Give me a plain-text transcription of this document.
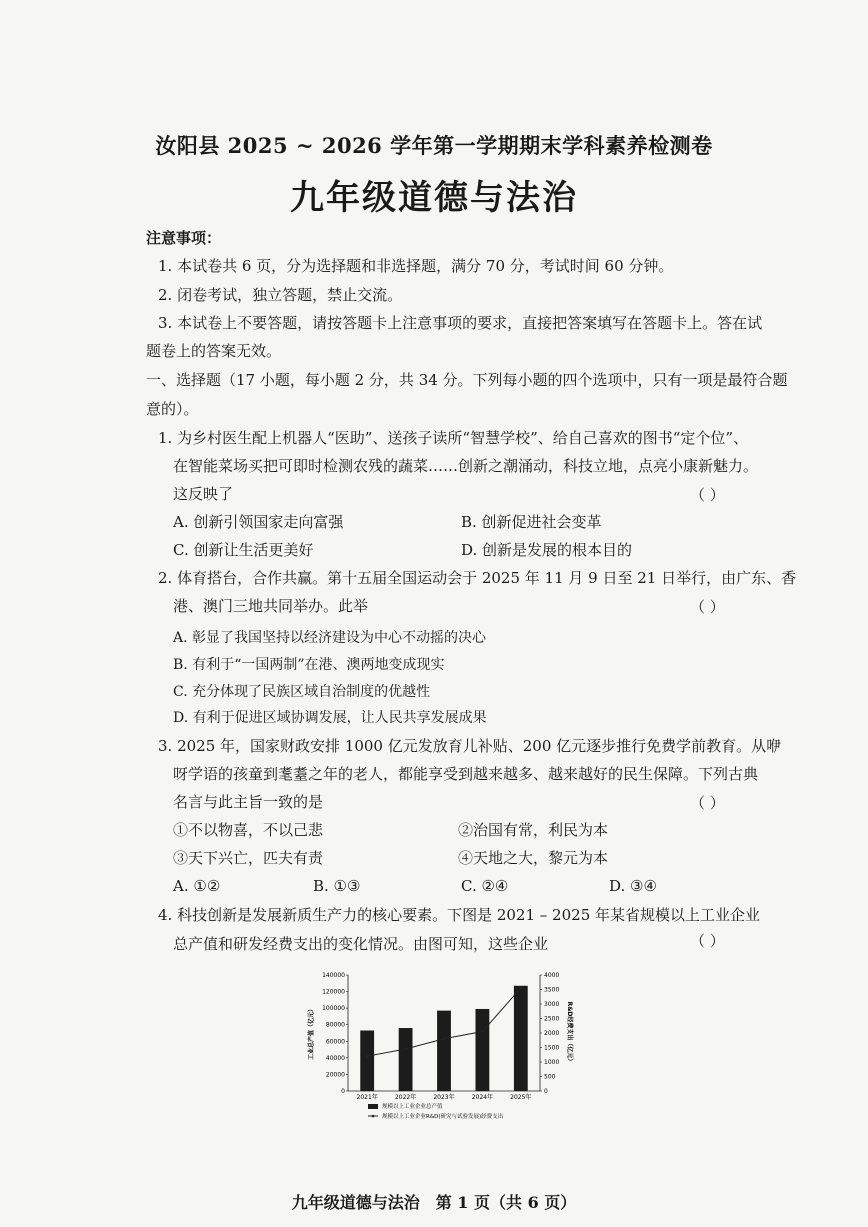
汝阳县 2025 ~ 2026 学年第一学期期末学科素养检测卷
九年级道德与法治
注意事项：
1. 本试卷共 6 页，分为选择题和非选择题，满分 70 分，考试时间 60 分钟。
2. 闭卷考试，独立答题，禁止交流。
3. 本试卷上不要答题，请按答题卡上注意事项的要求，直接把答案填写在答题卡上。答在试
题卷上的答案无效。
一、选择题（17 小题，每小题 2 分，共 34 分。下列每小题的四个选项中，只有一项是最符合题
意的）。
1. 为乡村医生配上机器人“医助”、送孩子读所“智慧学校”、给自己喜欢的图书“定个位”、
在智能菜场买把可即时检测农残的蔬菜……创新之潮涌动，科技立地，点亮小康新魅力。
这反映了	（ ）
A. 创新引领国家走向富强	B. 创新促进社会变革
C. 创新让生活更美好	D. 创新是发展的根本目的
2. 体育搭台，合作共赢。第十五届全国运动会于 2025 年 11 月 9 日至 21 日举行，由广东、香
港、澳门三地共同举办。此举	（ ）
A. 彰显了我国坚持以经济建设为中心不动摇的决心
B. 有利于“一国两制”在港、澳两地变成现实
C. 充分体现了民族区域自治制度的优越性
D. 有利于促进区域协调发展，让人民共享发展成果
3. 2025 年，国家财政安排 1000 亿元发放育儿补贴、200 亿元逐步推行免费学前教育。从咿
呀学语的孩童到耄耋之年的老人，都能享受到越来越多、越来越好的民生保障。下列古典
名言与此主旨一致的是	（ ）
①不以物喜，不以己悲	②治国有常，利民为本
③天下兴亡，匹夫有责	④天地之大，黎元为本
A. ①②	B. ①③	C. ②④	D. ③④
4. 科技创新是发展新质生产力的核心要素。下图是 2021 – 2025 年某省规模以上工业企业
总产值和研发经费支出的变化情况。由图可知，这些企业	（ ）
0
20000
40000
60000
80000
100000
120000
140000
0
500
1000
1500
2000
2500
3000
3500
4000
工业总产值（亿元）	R&D经费支出（亿元）
2021年	2022年	2023年	2024年	2025年
规模以上工业企业总产值
规模以上工业企业R&D(研究与试验发展)经费支出
九年级道德与法治　第 1 页（共 6 页）
